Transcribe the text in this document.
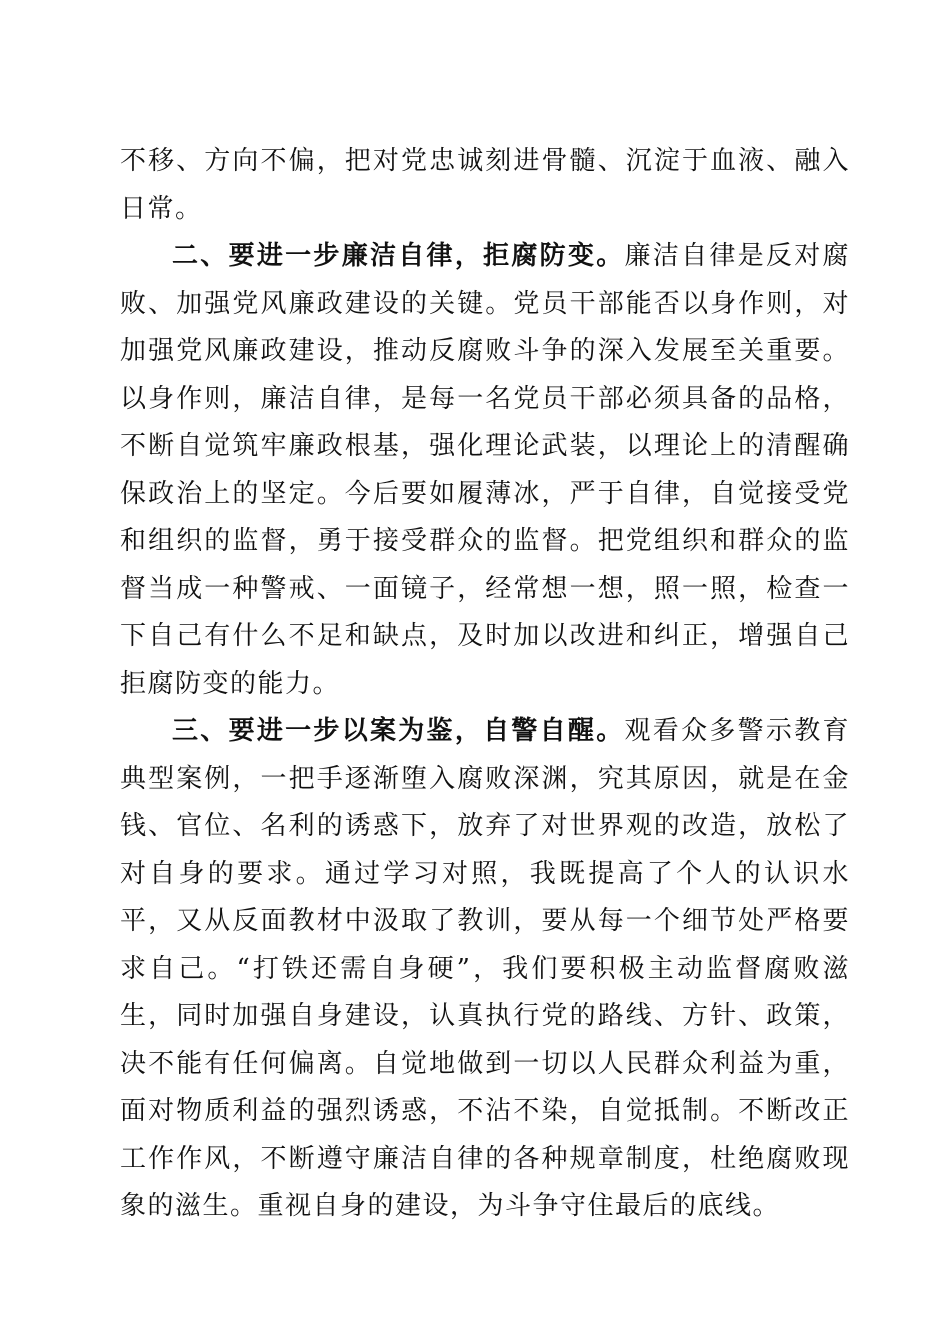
不移、方向不偏，把对党忠诚刻进骨髓、沉淀于血液、融入日常。

二、要进一步廉洁自律，拒腐防变。廉洁自律是反对腐败、加强党风廉政建设的关键。党员干部能否以身作则，对加强党风廉政建设，推动反腐败斗争的深入发展至关重要。以身作则，廉洁自律，是每一名党员干部必须具备的品格，不断自觉筑牢廉政根基，强化理论武装，以理论上的清醒确保政治上的坚定。今后要如履薄冰，严于自律，自觉接受党和组织的监督，勇于接受群众的监督。把党组织和群众的监督当成一种警戒、一面镜子，经常想一想，照一照，检查一下自己有什么不足和缺点，及时加以改进和纠正，增强自己拒腐防变的能力。

三、要进一步以案为鉴，自警自醒。观看众多警示教育典型案例，一把手逐渐堕入腐败深渊，究其原因，就是在金钱、官位、名利的诱惑下，放弃了对世界观的改造，放松了对自身的要求。通过学习对照，我既提高了个人的认识水平，又从反面教材中汲取了教训，要从每一个细节处严格要求自己。“打铁还需自身硬”，我们要积极主动监督腐败滋生，同时加强自身建设，认真执行党的路线、方针、政策，决不能有任何偏离。自觉地做到一切以人民群众利益为重，面对物质利益的强烈诱惑，不沾不染，自觉抵制。不断改正工作作风，不断遵守廉洁自律的各种规章制度，杜绝腐败现象的滋生。重视自身的建设，为斗争守住最后的底线。
